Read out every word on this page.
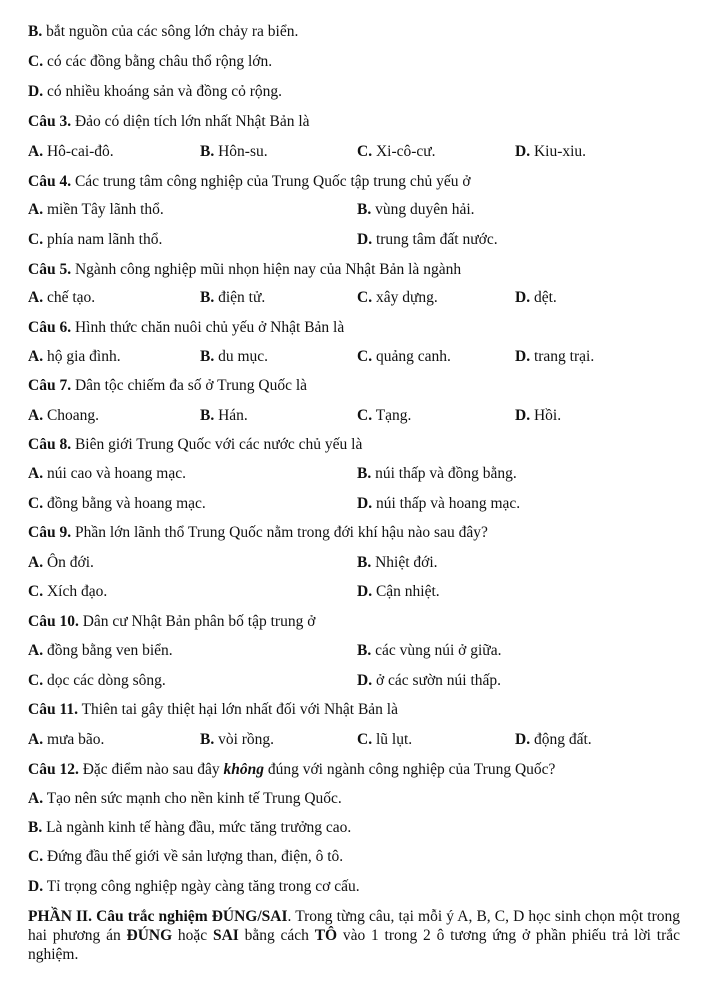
B. bắt nguồn của các sông lớn chảy ra biển.
C. có các đồng bằng châu thổ rộng lớn.
D. có nhiều khoáng sản và đồng cỏ rộng.
Câu 3. Đảo có diện tích lớn nhất Nhật Bản là
A. Hô-cai-đô.	B. Hôn-su.	C. Xi-cô-cư.	D. Kiu-xiu.
Câu 4. Các trung tâm công nghiệp của Trung Quốc tập trung chủ yếu ở
A. miền Tây lãnh thổ.	B. vùng duyên hải.
C. phía nam lãnh thổ.	D. trung tâm đất nước.
Câu 5. Ngành công nghiệp mũi nhọn hiện nay của Nhật Bản là ngành
A. chế tạo.	B. điện tử.	C. xây dựng.	D. dệt.
Câu 6. Hình thức chăn nuôi chủ yếu ở Nhật Bản là
A. hộ gia đình.	B. du mục.	C. quảng canh.	D. trang trại.
Câu 7. Dân tộc chiếm đa số ở Trung Quốc là
A. Choang.	B. Hán.	C. Tạng.	D. Hồi.
Câu 8. Biên giới Trung Quốc với các nước chủ yếu là
A. núi cao và hoang mạc.	B. núi thấp và đồng bằng.
C. đồng bằng và hoang mạc.	D. núi thấp và hoang mạc.
Câu 9. Phần lớn lãnh thổ Trung Quốc nằm trong đới khí hậu nào sau đây?
A. Ôn đới.	B. Nhiệt đới.
C. Xích đạo.	D. Cận nhiệt.
Câu 10. Dân cư Nhật Bản phân bố tập trung ở
A. đồng bằng ven biển.	B. các vùng núi ở giữa.
C. dọc các dòng sông.	D. ở các sườn núi thấp.
Câu 11. Thiên tai gây thiệt hại lớn nhất đối với Nhật Bản là
A. mưa bão.	B. vòi rồng.	C. lũ lụt.	D. động đất.
Câu 12. Đặc điểm nào sau đây không đúng với ngành công nghiệp của Trung Quốc?
A. Tạo nên sức mạnh cho nền kinh tế Trung Quốc.
B. Là ngành kinh tế hàng đầu, mức tăng trưởng cao.
C. Đứng đầu thế giới về sản lượng than, điện, ô tô.
D. Tỉ trọng công nghiệp ngày càng tăng trong cơ cấu.
PHẦN II. Câu trắc nghiệm ĐÚNG/SAI. Trong từng câu, tại mỗi ý A, B, C, D học sinh chọn một trong hai phương án ĐÚNG hoặc SAI bằng cách TÔ vào 1 trong 2 ô tương ứng ở phần phiếu trả lời trắc nghiệm.
